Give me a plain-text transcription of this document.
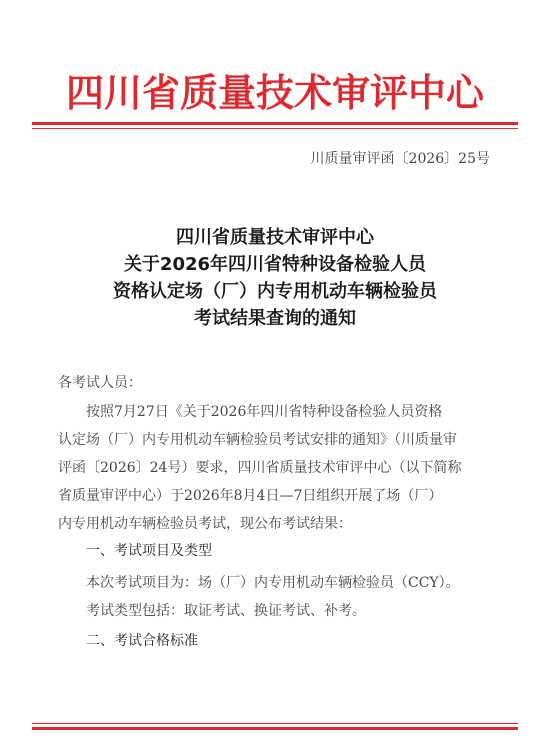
四川省质量技术审评中心
川质量审评函〔2026〕25号
四川省质量技术审评中心
关于2026年四川省特种设备检验人员
资格认定场（厂）内专用机动车辆检验员
考试结果查询的通知
各考试人员：
按照7月27日《关于2026年四川省特种设备检验人员资格
认定场（厂）内专用机动车辆检验员考试安排的通知》（川质量审
评函〔2026〕24号）要求，四川省质量技术审评中心（以下简称
省质量审评中心）于2026年8月4日—7日组织开展了场（厂）
内专用机动车辆检验员考试，现公布考试结果：
一、考试项目及类型
本次考试项目为：场（厂）内专用机动车辆检验员（CCY）。
考试类型包括：取证考试、换证考试、补考。
二、考试合格标准
